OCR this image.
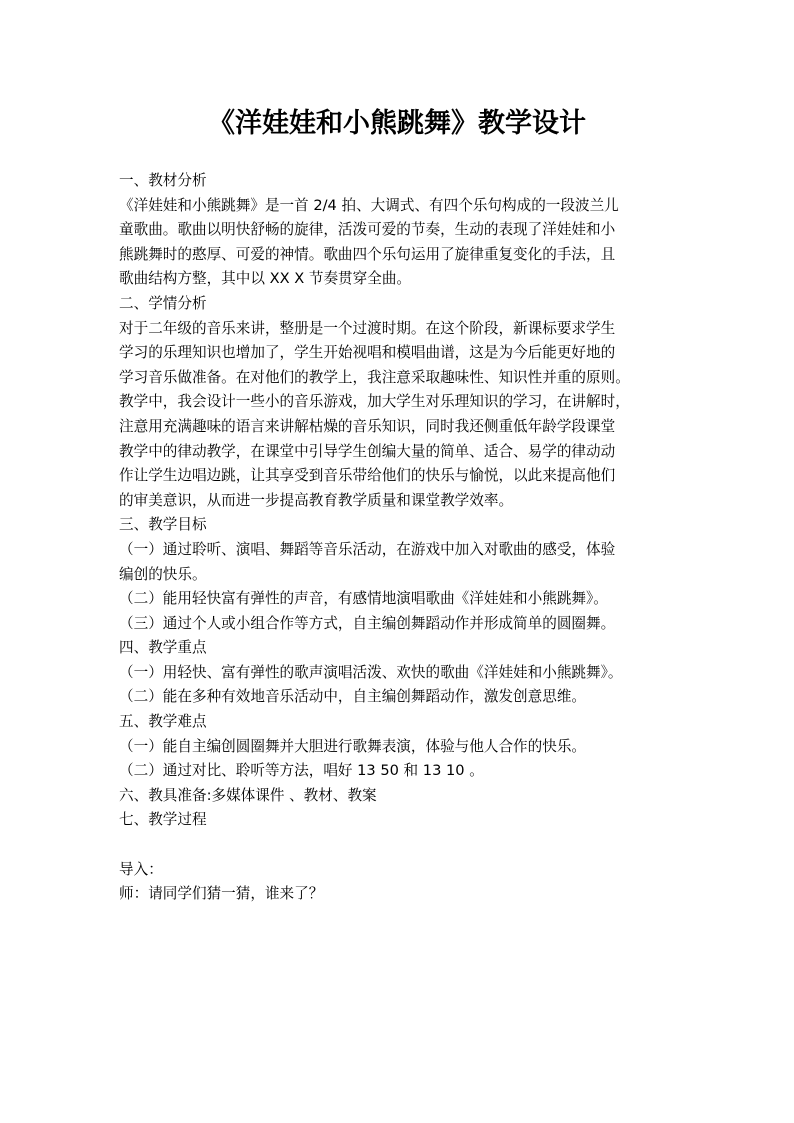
《洋娃娃和小熊跳舞》教学设计
一、教材分析
《洋娃娃和小熊跳舞》是一首 2/4 拍、大调式、有四个乐句构成的一段波兰儿
童歌曲。歌曲以明快舒畅的旋律，活泼可爱的节奏，生动的表现了洋娃娃和小
熊跳舞时的憨厚、可爱的神情。歌曲四个乐句运用了旋律重复变化的手法，且
歌曲结构方整，其中以 XX X 节奏贯穿全曲。
二、学情分析
对于二年级的音乐来讲，整册是一个过渡时期。在这个阶段，新课标要求学生
学习的乐理知识也增加了，学生开始视唱和模唱曲谱，这是为今后能更好地的
学习音乐做准备。在对他们的教学上，我注意采取趣味性、知识性并重的原则。
教学中，我会设计一些小的音乐游戏，加大学生对乐理知识的学习，在讲解时，
注意用充满趣味的语言来讲解枯燥的音乐知识，同时我还侧重低年龄学段课堂
教学中的律动教学，在课堂中引导学生创编大量的简单、适合、易学的律动动
作让学生边唱边跳，让其享受到音乐带给他们的快乐与愉悦，以此来提高他们
的审美意识，从而进一步提高教育教学质量和课堂教学效率。
三、教学目标
（一）通过聆听、演唱、舞蹈等音乐活动，在游戏中加入对歌曲的感受，体验
编创的快乐。
（二）能用轻快富有弹性的声音，有感情地演唱歌曲《洋娃娃和小熊跳舞》。
（三）通过个人或小组合作等方式，自主编创舞蹈动作并形成简单的圆圈舞。
四、教学重点
（一）用轻快、富有弹性的歌声演唱活泼、欢快的歌曲《洋娃娃和小熊跳舞》。
（二）能在多种有效地音乐活动中，自主编创舞蹈动作，激发创意思维。
五、教学难点
（一）能自主编创圆圈舞并大胆进行歌舞表演，体验与他人合作的快乐。
（二）通过对比、聆听等方法，唱好 13 50 和 13 10 。
六、教具准备:多媒体课件 、教材、教案
七、教学过程
导入：
师：请同学们猜一猜，谁来了？
